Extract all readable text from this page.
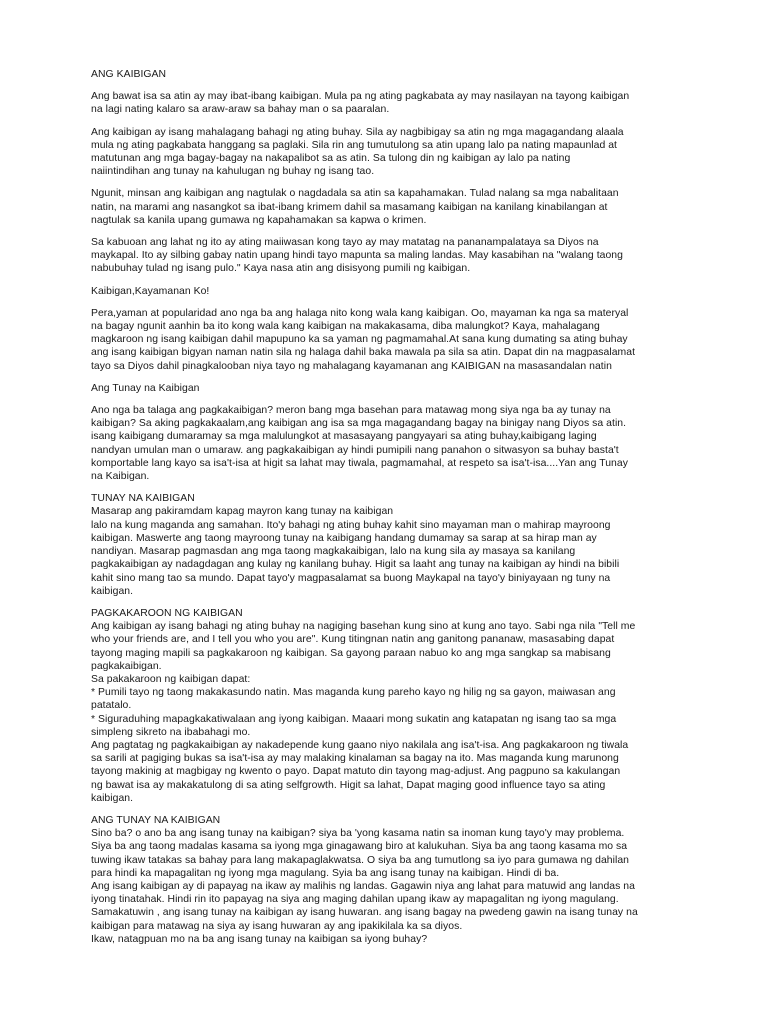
ANG KAIBIGAN
Ang bawat isa sa atin ay may ibat-ibang kaibigan. Mula pa ng ating pagkabata ay may nasilayan na tayong kaibigan
na lagi nating kalaro sa araw-araw sa bahay man o sa paaralan.
Ang kaibigan ay isang mahalagang bahagi ng ating buhay. Sila ay nagbibigay sa atin ng mga magagandang alaala
mula ng ating pagkabata hanggang sa paglaki. Sila rin ang tumutulong sa atin upang lalo pa nating mapaunlad at
matutunan ang mga bagay-bagay na nakapalibot sa as atin. Sa tulong din ng kaibigan ay lalo pa nating
naiintindihan ang tunay na kahulugan ng buhay ng isang tao.
Ngunit, minsan ang kaibigan ang nagtulak o nagdadala sa atin sa kapahamakan. Tulad nalang sa mga nabalitaan
natin, na marami ang nasangkot sa ibat-ibang krimem dahil sa masamang kaibigan na kanilang kinabilangan at
nagtulak sa kanila upang gumawa ng kapahamakan sa kapwa o krimen.
Sa kabuoan ang lahat ng ito ay ating maiiwasan kong tayo ay may matatag na pananampalataya sa Diyos na
maykapal. Ito ay silbing gabay natin upang hindi tayo mapunta sa maling landas. May kasabihan na "walang taong
nabubuhay tulad ng isang pulo." Kaya nasa atin ang disisyong pumili ng kaibigan.
Kaibigan,Kayamanan Ko!
Pera,yaman at popularidad ano nga ba ang halaga nito kong wala kang kaibigan. Oo, mayaman ka nga sa materyal
na bagay ngunit aanhin ba ito kong wala kang kaibigan na makakasama, diba malungkot? Kaya, mahalagang
magkaroon ng isang kaibigan dahil mapupuno ka sa yaman ng pagmamahal.At sana kung dumating sa ating buhay
ang isang kaibigan bigyan naman natin sila ng halaga dahil baka mawala pa sila sa atin. Dapat din na magpasalamat
tayo sa Diyos dahil pinagkalooban niya tayo ng mahalagang kayamanan ang KAIBIGAN na masasandalan natin
Ang Tunay na Kaibigan
Ano nga ba talaga ang pagkakaibigan? meron bang mga basehan para matawag mong siya nga ba ay tunay na
kaibigan? Sa aking pagkakaalam,ang kaibigan ang isa sa mga magagandang bagay na binigay nang Diyos sa atin.
isang kaibigang dumaramay sa mga malulungkot at masasayang pangyayari sa ating buhay,kaibigang laging
nandyan umulan man o umaraw. ang pagkakaibigan ay hindi pumipili nang panahon o sitwasyon sa buhay basta't
komportable lang kayo sa isa't-isa at higit sa lahat may tiwala, pagmamahal, at respeto sa isa't-isa....Yan ang Tunay
na Kaibigan.
TUNAY NA KAIBIGAN
Masarap ang pakiramdam kapag mayron kang tunay na kaibigan
lalo na kung maganda ang samahan. Ito'y bahagi ng ating buhay kahit sino mayaman man o mahirap mayroong
kaibigan. Maswerte ang taong mayroong tunay na kaibigang handang dumamay sa sarap at sa hirap man ay
nandiyan. Masarap pagmasdan ang mga taong magkakaibigan, lalo na kung sila ay masaya sa kanilang
pagkakaibigan ay nadagdagan ang kulay ng kanilang buhay. Higit sa laaht ang tunay na kaibigan ay hindi na bibili
kahit sino mang tao sa mundo. Dapat tayo'y magpasalamat sa buong Maykapal na tayo'y biniyayaan ng tuny na
kaibigan.
PAGKAKAROON NG KAIBIGAN
Ang kaibigan ay isang bahagi ng ating buhay na nagiging basehan kung sino at kung ano tayo. Sabi nga nila "Tell me
who your friends are, and I tell you who you are". Kung titingnan natin ang ganitong pananaw, masasabing dapat
tayong maging mapili sa pagkakaroon ng kaibigan. Sa gayong paraan nabuo ko ang mga sangkap sa mabisang
pagkakaibigan.
Sa pakakaroon ng kaibigan dapat:
* Pumili tayo ng taong makakasundo natin. Mas maganda kung pareho kayo ng hilig ng sa gayon, maiwasan ang
patatalo.
* Siguraduhing mapagkakatiwalaan ang iyong kaibigan. Maaari mong sukatin ang katapatan ng isang tao sa mga
simpleng sikreto na ibabahagi mo.
Ang pagtatag ng pagkakaibigan ay nakadepende kung gaano niyo nakilala ang isa't-isa. Ang pagkakaroon ng tiwala
sa sarili at pagiging bukas sa isa't-isa ay may malaking kinalaman sa bagay na ito. Mas maganda kung marunong
tayong makinig at magbigay ng kwento o payo. Dapat matuto din tayong mag-adjust. Ang pagpuno sa kakulangan
ng bawat isa ay makakatulong di sa ating selfgrowth. Higit sa lahat, Dapat maging good influence tayo sa ating
kaibigan.
ANG TUNAY NA KAIBIGAN
Sino ba? o ano ba ang isang tunay na kaibigan? siya ba 'yong kasama natin sa inoman kung tayo'y may problema.
Siya ba ang taong madalas kasama sa iyong mga ginagawang biro at kalukuhan. Siya ba ang taong kasama mo sa
tuwing ikaw tatakas sa bahay para lang makapaglakwatsa. O siya ba ang tumutlong sa iyo para gumawa ng dahilan
para hindi ka mapagalitan ng iyong mga magulang. Syia ba ang isang tunay na kaibigan. Hindi di ba.
Ang isang kaibigan ay di papayag na ikaw ay malihis ng landas. Gagawin niya ang lahat para matuwid ang landas na
iyong tinatahak. Hindi rin ito papayag na siya ang maging dahilan upang ikaw ay mapagalitan ng iyong magulang.
Samakatuwin , ang isang tunay na kaibigan ay isang huwaran. ang isang bagay na pwedeng gawin na isang tunay na
kaibigan para matawag na siya ay isang huwaran ay ang ipakikilala ka sa diyos.
Ikaw, natagpuan mo na ba ang isang tunay na kaibigan sa iyong buhay?
